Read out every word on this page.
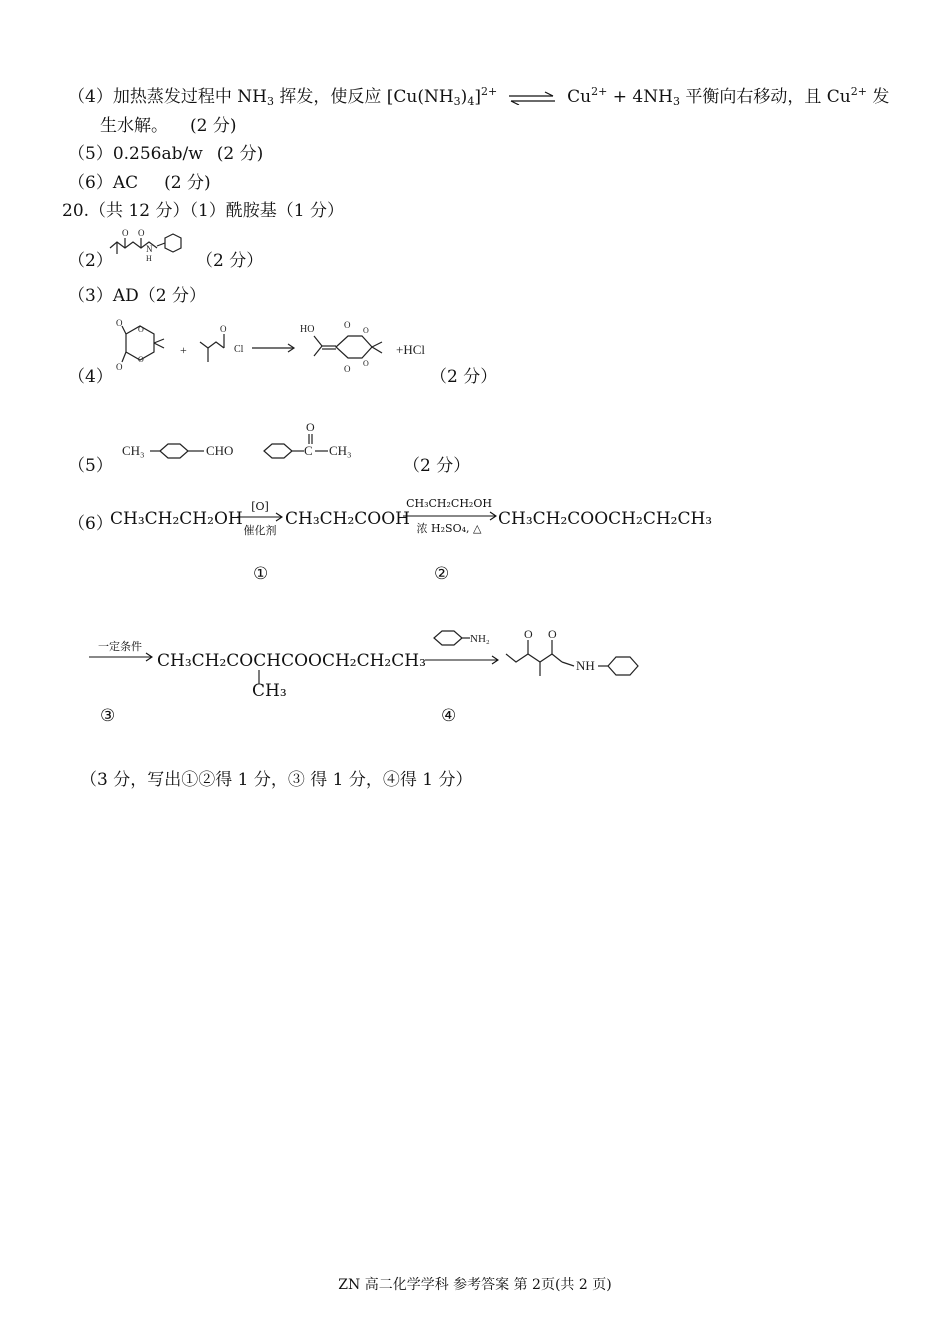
（4）加热蒸发过程中 $NH_3$ 挥发，使反应 $[Cu(NH_3)_4]^{2+}$ ⇌ $Cu^{2+} + 4NH_3$ 平衡向右移动，且 $Cu^{2+}$ 发
生水解。 (2 分)
（5）0.256ab/w (2 分)
（6）AC (2 分)
20.（共 12 分）（1）酰胺基（1 分）
（2）
O O
N
H	（2 分）
（3）AD（2 分）
（4）
O
O
O
O
+
O
Cl
HO	O
O
O
O
+HCl
（2 分）
（5）
CH₃	CHO	C
O
CH₃
（2 分）
（6）
CH₃CH₂CH₂OH
[O]
催化剂
CH₃CH₂COOH
CH₃CH₂CH₂OH
浓 H₂SO₄, △ CH₃CH₂COOCH₂CH₂CH₃
①	②
一定条件
CH₃CH₂COCHCOOCH₂CH₂CH₃
CH₃
NH₂	O O
NH
③	④
（3 分，写出①②得 1 分，③ 得 1 分，④得 1 分）
ZN 高二化学学科 参考答案 第 2页(共 2 页)
